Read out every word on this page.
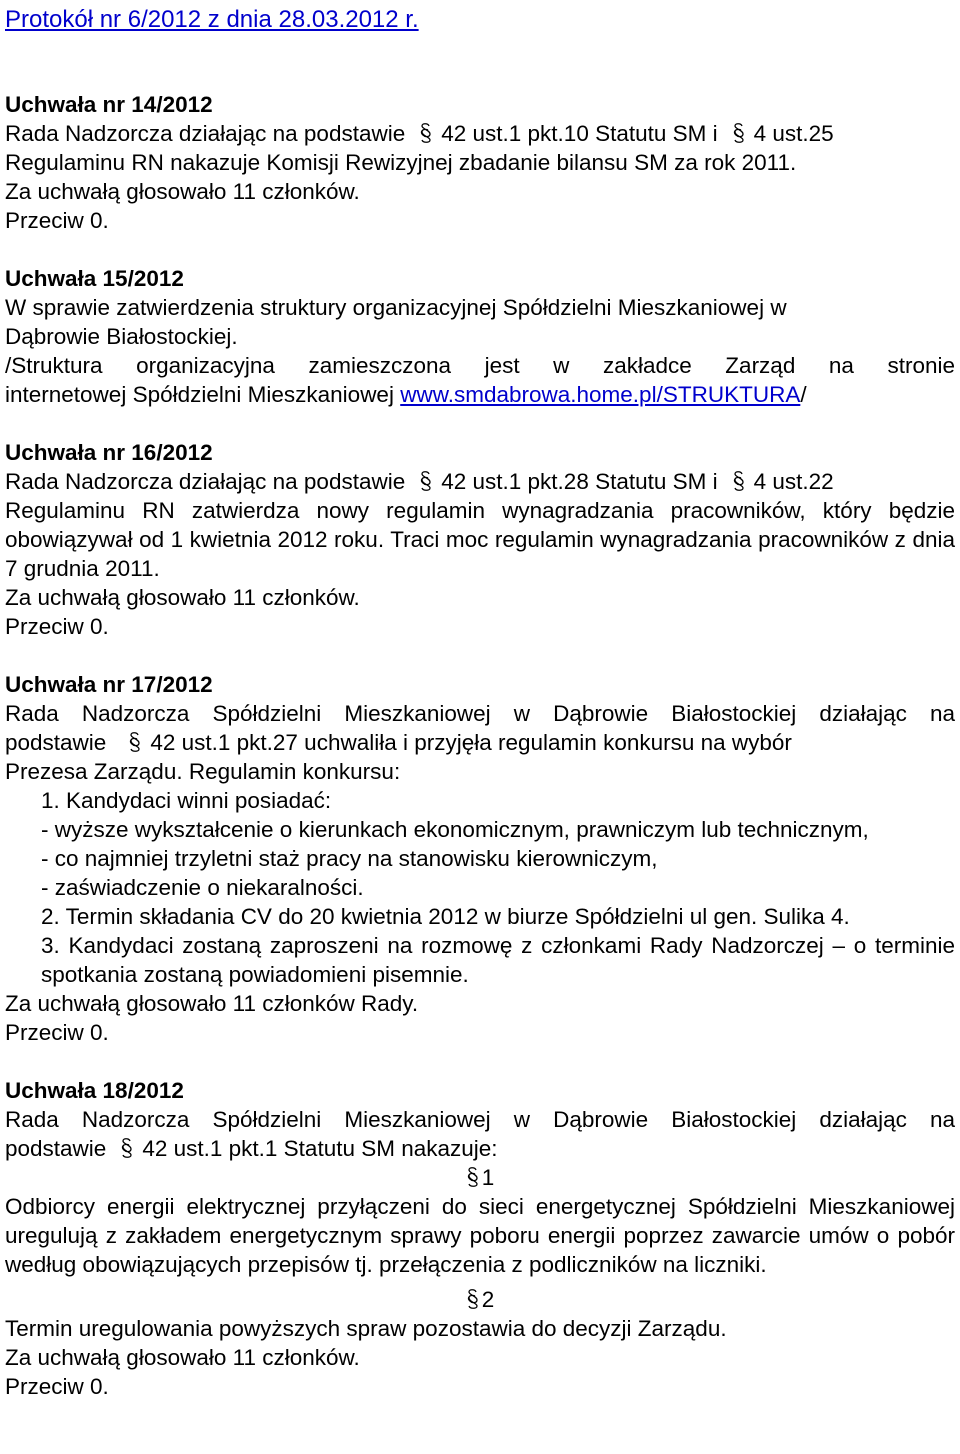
Protokół nr 6/2012 z dnia 28.03.2012 r.
Uchwała nr 14/2012
Rada Nadzorcza działając na podstawie 42 ust.1 pkt.10 Statutu SM i 4 ust.25
Regulaminu RN nakazuje Komisji Rewizyjnej zbadanie bilansu SM za rok 2011.
Za uchwałą głosowało 11 członków.
Przeciw 0.
Uchwała 15/2012
W sprawie zatwierdzenia struktury organizacyjnej Spółdzielni Mieszkaniowej w
Dąbrowie Białostockiej.
/Struktura organizacyjna zamieszczona jest w zakładce Zarząd na stronie
internetowej Spółdzielni Mieszkaniowej www.smdabrowa.home.pl/STRUKTURA/
Uchwała nr 16/2012
Rada Nadzorcza działając na podstawie 42 ust.1 pkt.28 Statutu SM i 4 ust.22
Regulaminu RN zatwierdza nowy regulamin wynagradzania pracowników, który będzie obowiązywał od 1 kwietnia 2012 roku. Traci moc regulamin wynagradzania pracowników z dnia 7 grudnia 2011.
Za uchwałą głosowało 11 członków.
Przeciw 0.
Uchwała nr 17/2012
Rada Nadzorcza Spółdzielni Mieszkaniowej w Dąbrowie Białostockiej działając na
podstawie 42 ust.1 pkt.27 uchwaliła i przyjęła regulamin konkursu na wybór
Prezesa Zarządu. Regulamin konkursu:
1. Kandydaci winni posiadać:
- wyższe wykształcenie o kierunkach ekonomicznym, prawniczym lub technicznym,
- co najmniej trzyletni staż pracy na stanowisku kierowniczym,
- zaświadczenie o niekaralności.
2. Termin składania CV do 20 kwietnia 2012 w biurze Spółdzielni ul gen. Sulika 4.
3. Kandydaci zostaną zaproszeni na rozmowę z członkami Rady Nadzorczej – o terminie spotkania zostaną powiadomieni pisemnie.
Za uchwałą głosowało 11 członków Rady.
Przeciw 0.
Uchwała 18/2012
Rada Nadzorcza Spółdzielni Mieszkaniowej w Dąbrowie Białostockiej działając na
podstawie 42 ust.1 pkt.1 Statutu SM nakazuje:
1
Odbiorcy energii elektrycznej przyłączeni do sieci energetycznej Spółdzielni Mieszkaniowej uregulują z zakładem energetycznym sprawy poboru energii poprzez zawarcie umów o pobór według obowiązujących przepisów tj. przełączenia z podliczników na liczniki.
2
Termin uregulowania powyższych spraw pozostawia do decyzji Zarządu.
Za uchwałą głosowało 11 członków.
Przeciw 0.
